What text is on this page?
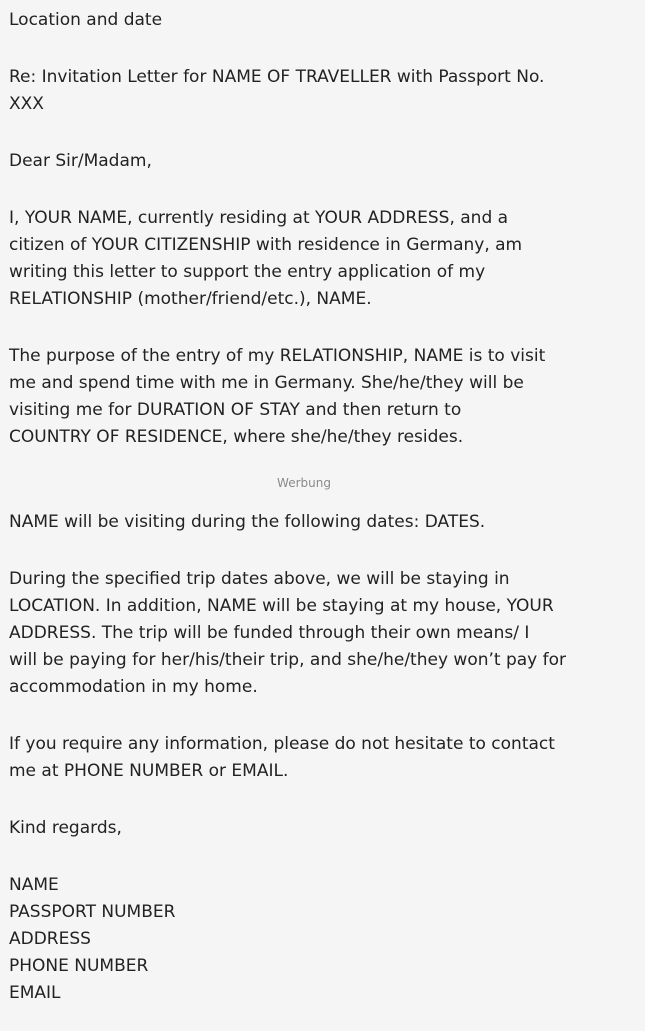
Location and date
Re: Invitation Letter for NAME OF TRAVELLER with Passport No.
XXX
Dear Sir/Madam,
I, YOUR NAME, currently residing at YOUR ADDRESS, and a
citizen of YOUR CITIZENSHIP with residence in Germany, am
writing this letter to support the entry application of my
RELATIONSHIP (mother/friend/etc.), NAME.
The purpose of the entry of my RELATIONSHIP, NAME is to visit
me and spend time with me in Germany. She/he/they will be
visiting me for DURATION OF STAY and then return to
COUNTRY OF RESIDENCE, where she/he/they resides.
Werbung
NAME will be visiting during the following dates: DATES.
During the specified trip dates above, we will be staying in
LOCATION. In addition, NAME will be staying at my house, YOUR
ADDRESS. The trip will be funded through their own means/ I
will be paying for her/his/their trip, and she/he/they won’t pay for
accommodation in my home.
If you require any information, please do not hesitate to contact
me at PHONE NUMBER or EMAIL.
Kind regards,
NAME
PASSPORT NUMBER
ADDRESS
PHONE NUMBER
EMAIL
